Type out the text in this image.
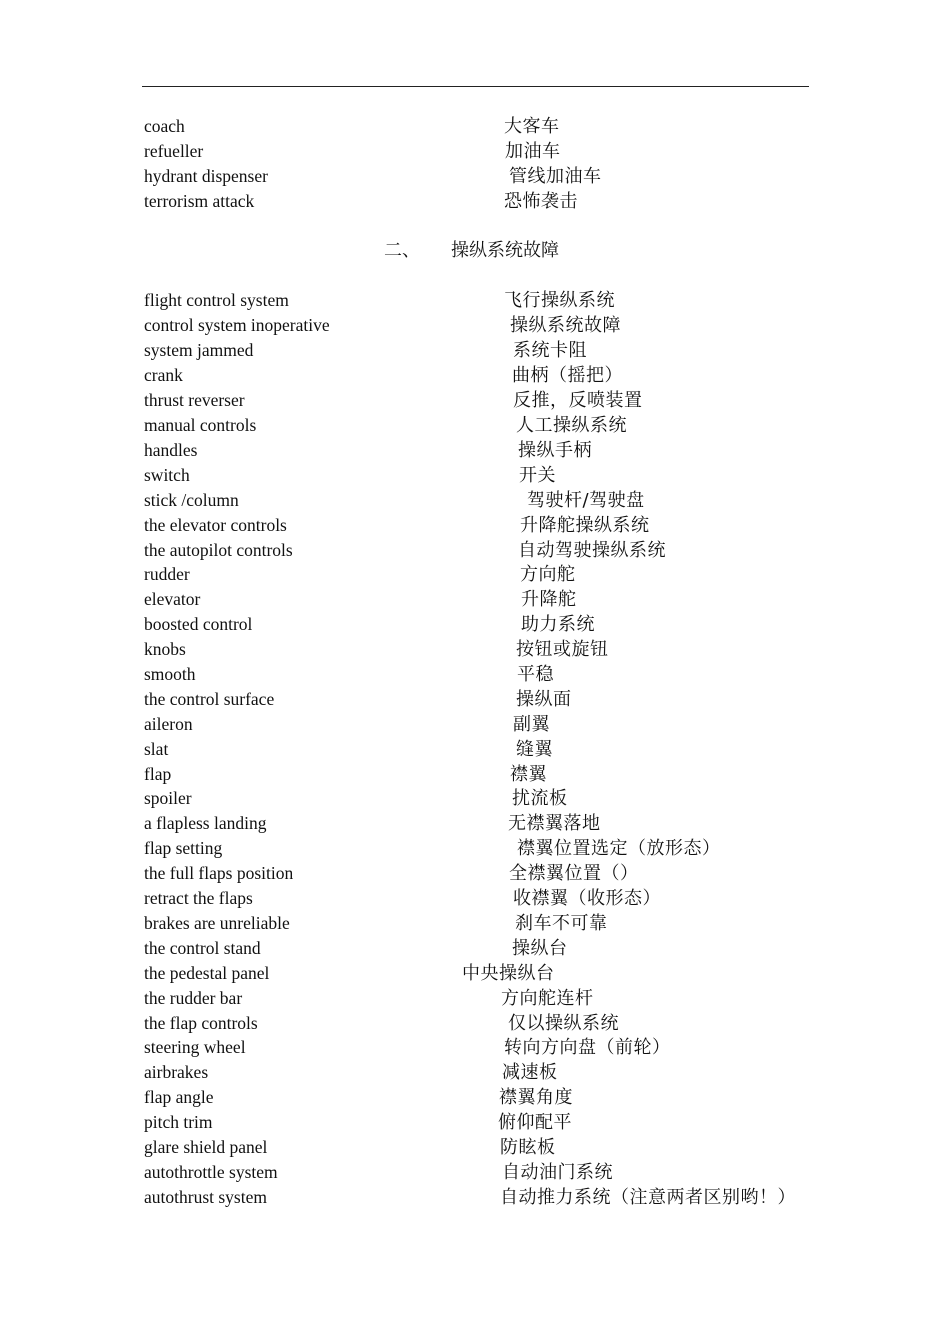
coach	大客车
refueller	加油车
hydrant dispenser	管线加油车
terrorism attack	恐怖袭击
二、 操纵系统故障
flight control system	飞行操纵系统
control system inoperative	操纵系统故障
system jammed	系统卡阻
crank	曲柄（摇把）
thrust reverser	反推，反喷装置
manual controls	人工操纵系统
handles	操纵手柄
switch	开关
stick /column	驾驶杆/驾驶盘
the elevator controls	升降舵操纵系统
the autopilot controls	自动驾驶操纵系统
rudder	方向舵
elevator	升降舵
boosted control	助力系统
knobs	按钮或旋钮
smooth	平稳
the control surface	操纵面
aileron	副翼
slat	缝翼
flap	襟翼
spoiler	扰流板
a flapless landing	无襟翼落地
flap setting	襟翼位置选定（放形态）
the full flaps position	全襟翼位置（）
retract the flaps	收襟翼（收形态）
brakes are unreliable	刹车不可靠
the control stand	操纵台
the pedestal panel	中央操纵台
the rudder bar	方向舵连杆
the flap controls	仅以操纵系统
steering wheel	转向方向盘（前轮）
airbrakes	减速板
flap angle	襟翼角度
pitch trim	俯仰配平
glare shield panel	防眩板
autothrottle system	自动油门系统
autothrust system	自动推力系统（注意两者区别哟！）
